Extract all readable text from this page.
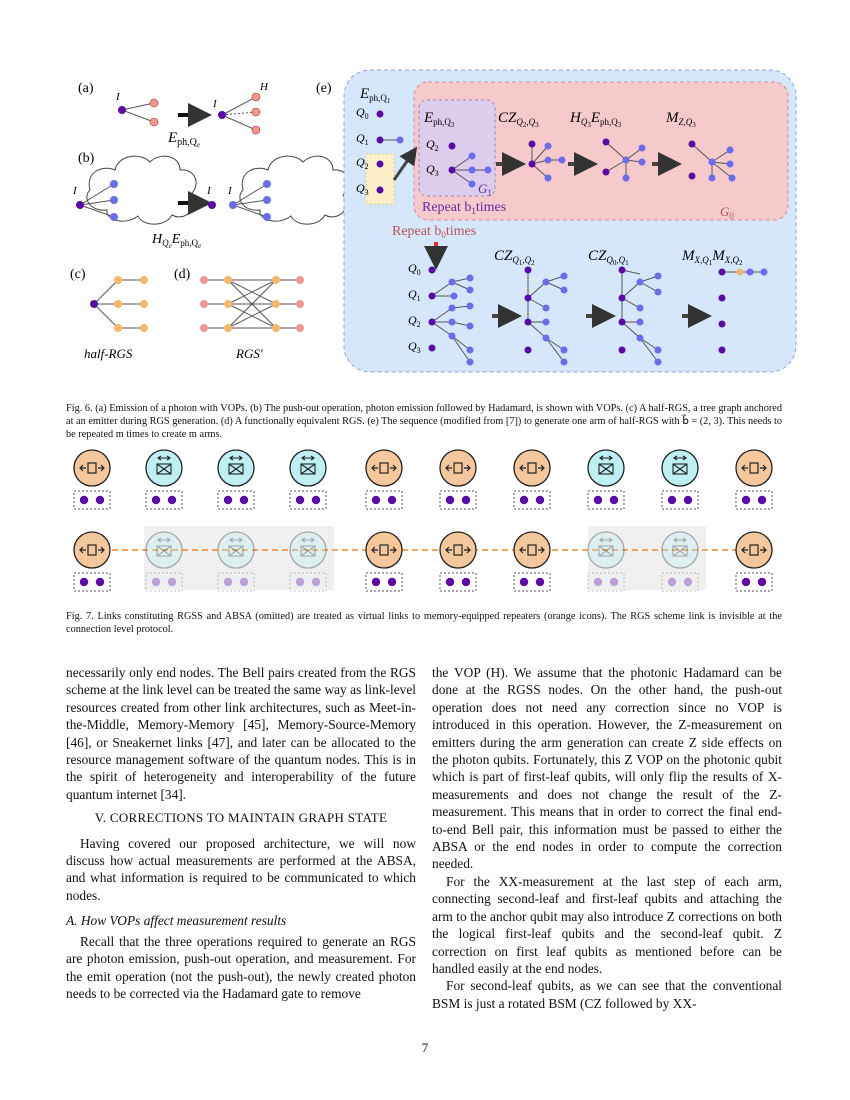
(a)
(b)
(c)	(d)
(e)
I
I
H
$E_{ph,Q}e$
I	I I
$H_QeE_{ph,Q}e$
half-RGS	RGS′
$E_{ph,Q}1$
$Q_0$
$Q_1$
$Q_2$
$Q_3$
$E_{ph,Q}3$
$Q_2$
$Q_3$
$G_1$
Repeat $b_1times$
$CZ_Q2,Q3$ $H_Q3E_{ph,Q}3$	$M_{Z,Q}3$
$G_0$
Repeat $b_0times$
$Q_0$
$Q_1$
$Q_2$
$Q_3$
$CZ_Q1,Q2$	$CZ_Q0,Q1$	$M_{X,Q}1M_{X,Q}2$
Fig. 6. (a) Emission of a photon with VOPs. (b) The push-out operation, photon emission followed by Hadamard, is shown with VOPs. (c) A half-RGS, a tree graph anchored at an emitter during RGS generation. (d) A functionally equivalent RGS. (e) The sequence (modified from [7]) to generate one arm of half-RGS with b⃗ = (2, 3). This needs to be repeated m times to create m arms.
Fig. 7. Links constituting RGSS and ABSA (omitted) are treated as virtual links to memory-equipped repeaters (orange icons). The RGS scheme link is invisible at the connection level protocol.

necessarily only end nodes. The Bell pairs created from the RGS scheme at the link level can be treated the same way as link-level resources created from other link architectures, such as Meet-in-the-Middle, Memory-Memory [45], Memory-Source-Memory [46], or Sneakernet links [47], and later can be allocated to the resource management software of the quantum nodes. This is in the spirit of heterogeneity and interoperability of the future quantum internet [34].

V. CORRECTIONS TO MAINTAIN GRAPH STATE

Having covered our proposed architecture, we will now discuss how actual measurements are performed at the ABSA, and what information is required to be communicated to which nodes.

A. How VOPs affect measurement results

Recall that the three operations required to generate an RGS are photon emission, push-out operation, and measurement. For the emit operation (not the push-out), the newly created photon needs to be corrected via the Hadamard gate to remove

the VOP (H). We assume that the photonic Hadamard can be done at the RGSS nodes. On the other hand, the push-out operation does not need any correction since no VOP is introduced in this operation. However, the Z-measurement on emitters during the arm generation can create Z side effects on the photon qubits. Fortunately, this Z VOP on the photonic qubit which is part of first-leaf qubits, will only flip the results of X-measurements and does not change the result of the Z-measurement. This means that in order to correct the final end-to-end Bell pair, this information must be passed to either the ABSA or the end nodes in order to compute the correction needed.

For the XX-measurement at the last step of each arm, connecting second-leaf and first-leaf qubits and attaching the arm to the anchor qubit may also introduce Z corrections on both the logical first-leaf qubits and the second-leaf qubit. Z correction on first leaf qubits as mentioned before can be handled easily at the end nodes.

For second-leaf qubits, as we can see that the conventional BSM is just a rotated BSM (CZ followed by XX-

7
